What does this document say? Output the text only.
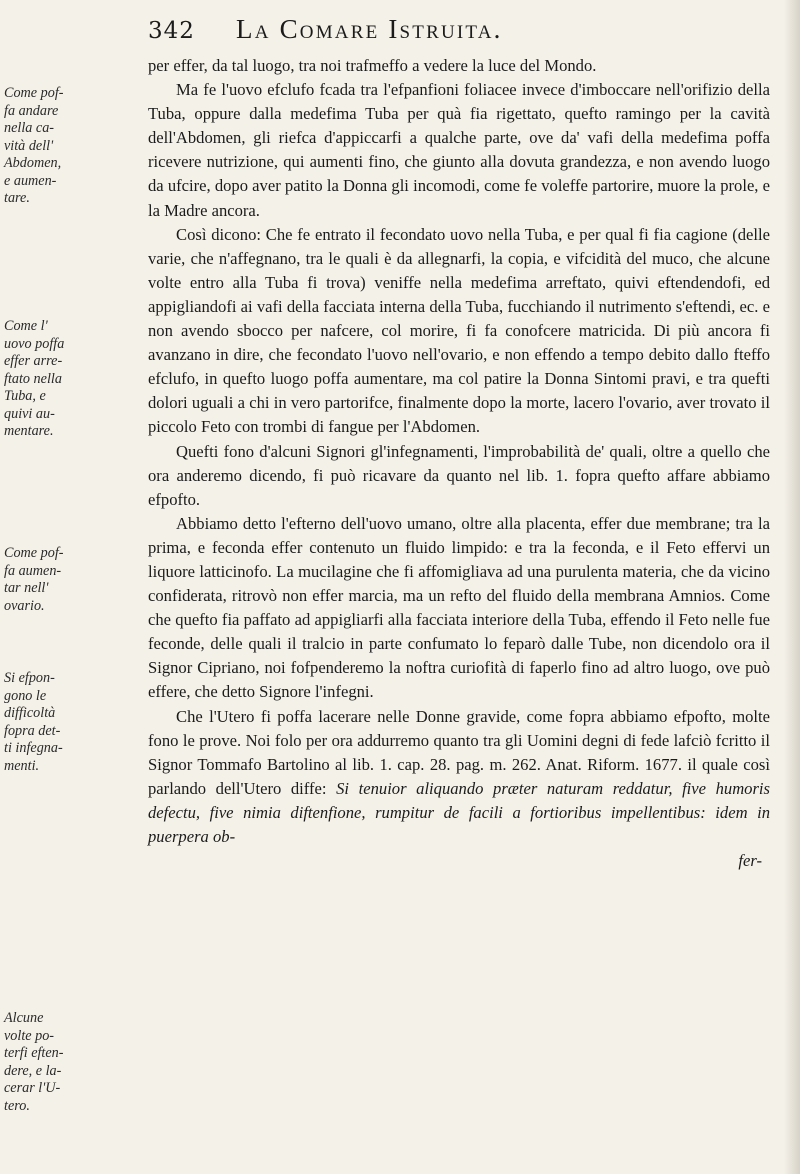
342 La Comare Istruita.
Come pof-
fa andare
nella ca-
vità dell'
Abdomen,
e aumen-
tare.
Come l'
uovo poffa
effer arre-
ftato nella
Tuba, e
quivi au-
mentare.
Come pof-
fa aumen-
tar nell'
ovario.
Si efpon-
gono le
difficoltà
fopra det-
ti infegna-
menti.
Alcune
volte po-
terfi eften-
dere, e la-
cerar l'U-
tero.

per effer, da tal luogo, tra noi trafmeffo a vedere la luce del Mondo.

Ma fe l'uovo efclufo fcada tra l'efpanfioni foliacee invece d'imboccare nell'orifizio della Tuba, oppure dalla medefima Tuba per quà fia rigettato, quefto ramingo per la cavità dell'Abdomen, gli riefca d'appiccarfi a qualche parte, ove da' vafi della medefima poffa ricevere nutrizione, qui aumenti fino, che giunto alla dovuta grandezza, e non avendo luogo da ufcire, dopo aver patito la Donna gli incomodi, come fe voleffe partorire, muore la prole, e la Madre ancora.

Così dicono: Che fe entrato il fecondato uovo nella Tuba, e per qual fi fia cagione (delle varie, che n'affegnano, tra le quali è da allegnarfi, la copia, e vifcidità del muco, che alcune volte entro alla Tuba fi trova) veniffe nella medefima arreftato, quivi eftendendofi, ed appigliandofi ai vafi della facciata interna della Tuba, fucchiando il nutrimento s'eftendi, ec. e non avendo sbocco per nafcere, col morire, fi fa conofcere matricida. Di più ancora fi avanzano in dire, che fecondato l'uovo nell'ovario, e non effendo a tempo debito dallo fteffo efclufo, in quefto luogo poffa aumentare, ma col patire la Donna Sintomi pravi, e tra quefti dolori uguali a chi in vero partorifce, finalmente dopo la morte, lacero l'ovario, aver trovato il piccolo Feto con trombi di fangue per l'Abdomen.

Quefti fono d'alcuni Signori gl'infegnamenti, l'improbabilità de' quali, oltre a quello che ora anderemo dicendo, fi può ricavare da quanto nel lib. 1. fopra quefto affare abbiamo efpofto.

Abbiamo detto l'efterno dell'uovo umano, oltre alla placenta, effer due membrane; tra la prima, e feconda effer contenuto un fluido limpido: e tra la feconda, e il Feto effervi un liquore latticinofo. La mucilagine che fi affomigliava ad una purulenta materia, che da vicino confiderata, ritrovò non effer marcia, ma un refto del fluido della membrana Amnios. Come che quefto fia paffato ad appigliarfi alla facciata interiore della Tuba, effendo il Feto nelle fue feconde, delle quali il tralcio in parte confumato lo feparò dalle Tube, non dicendolo ora il Signor Cipriano, noi fofpenderemo la noftra curiofità di faperlo fino ad altro luogo, ove può effere, che detto Signore l'infegni.

Che l'Utero fi poffa lacerare nelle Donne gravide, come fopra abbiamo efpofto, molte fono le prove. Noi folo per ora addurremo quanto tra gli Uomini degni di fede lafciò fcritto il Signor Tommafo Bartolino al lib. 1. cap. 28. pag. m. 262. Anat. Riform. 1677. il quale così parlando dell'Utero diffe: Si tenuior aliquando præter naturam reddatur, five humoris defectu, five nimia diftenfione, rumpitur de facili a fortioribus impellentibus: idem in puerpera ob-

fer-
